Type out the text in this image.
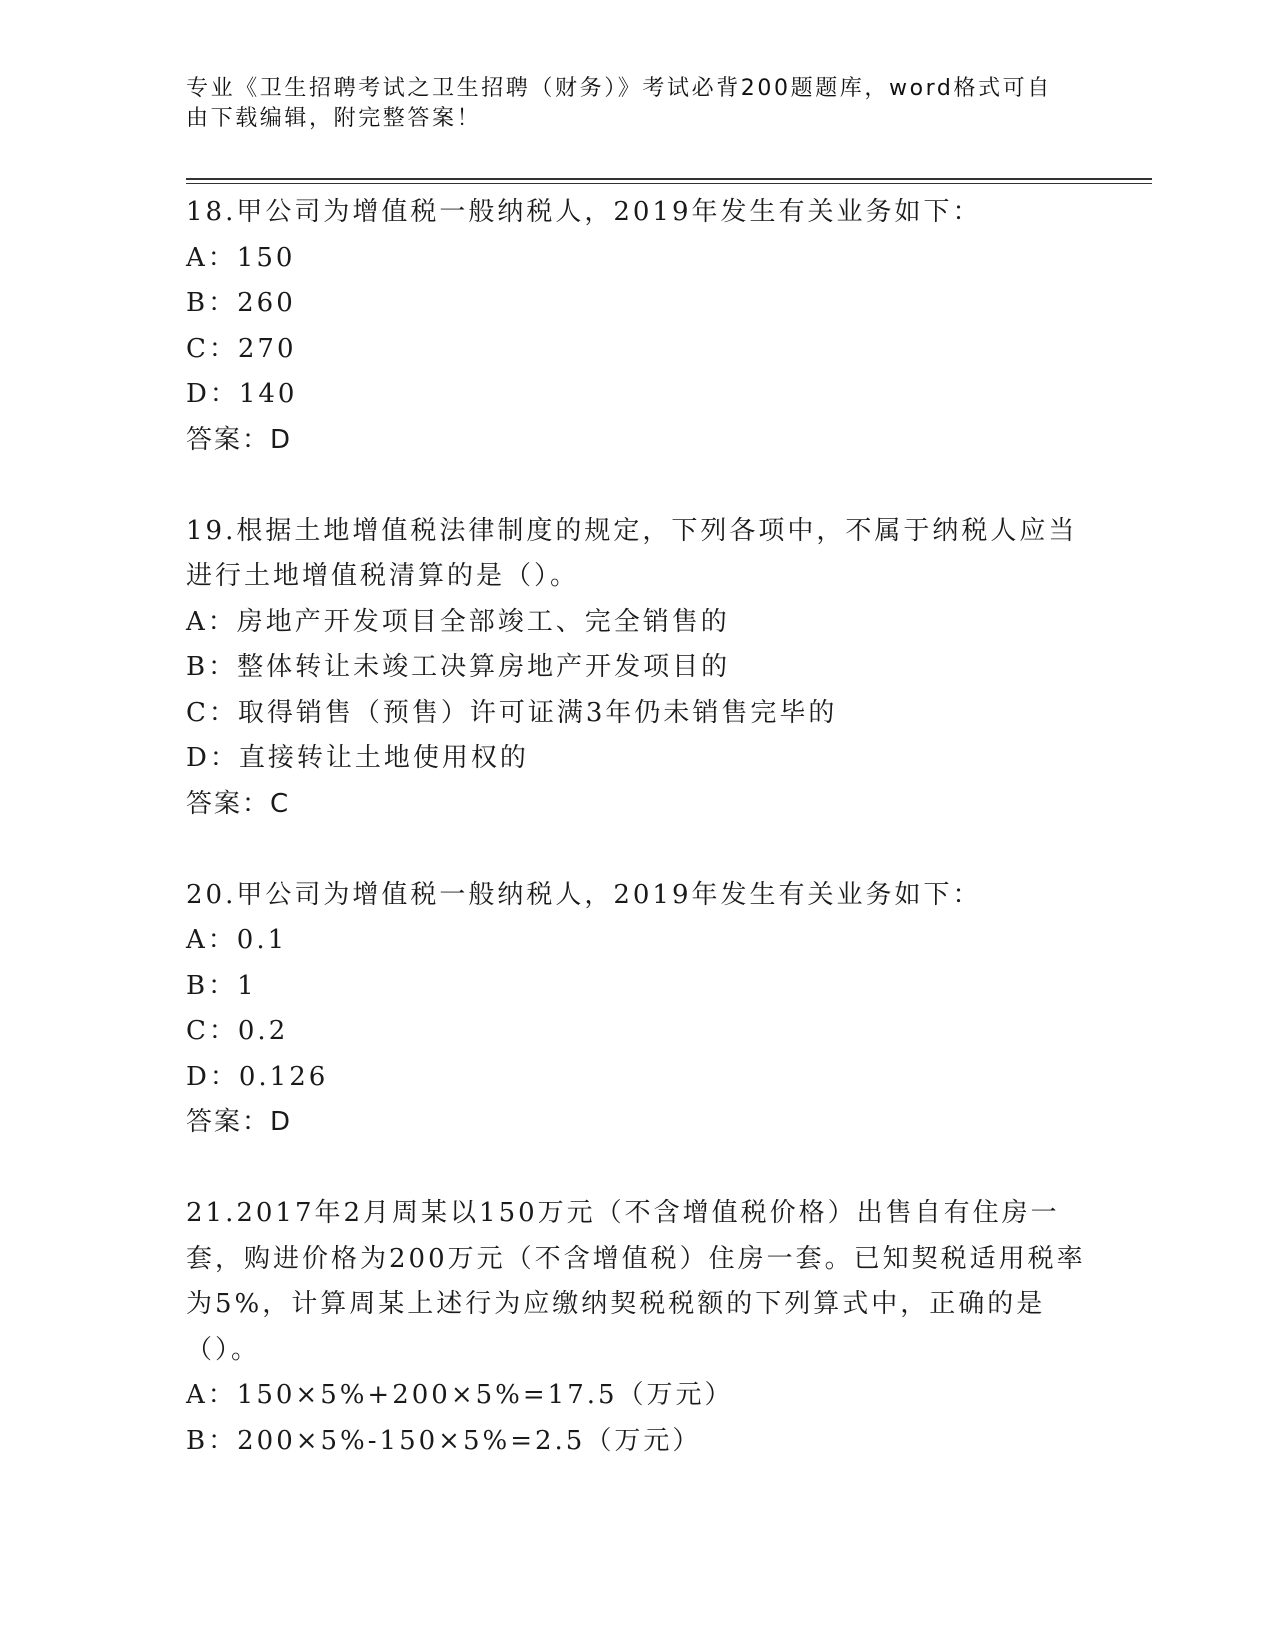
专业《卫生招聘考试之卫生招聘（财务）》考试必背200题题库，word格式可自由下载编辑，附完整答案！
18.甲公司为增值税一般纳税人，2019年发生有关业务如下：
A：150
B：260
C：270
D：140
答案：D
19.根据土地增值税法律制度的规定，下列各项中，不属于纳税人应当进行土地增值税清算的是（）。
A：房地产开发项目全部竣工、完全销售的
B：整体转让未竣工决算房地产开发项目的
C：取得销售（预售）许可证满3年仍未销售完毕的
D：直接转让土地使用权的
答案：C
20.甲公司为增值税一般纳税人，2019年发生有关业务如下：
A：0.1
B：1
C：0.2
D：0.126
答案：D
21.2017年2月周某以150万元（不含增值税价格）出售自有住房一套，购进价格为200万元（不含增值税）住房一套。已知契税适用税率为5%，计算周某上述行为应缴纳契税税额的下列算式中，正确的是（）。
A：150×5%+200×5%=17.5（万元）
B：200×5%-150×5%=2.5（万元）
